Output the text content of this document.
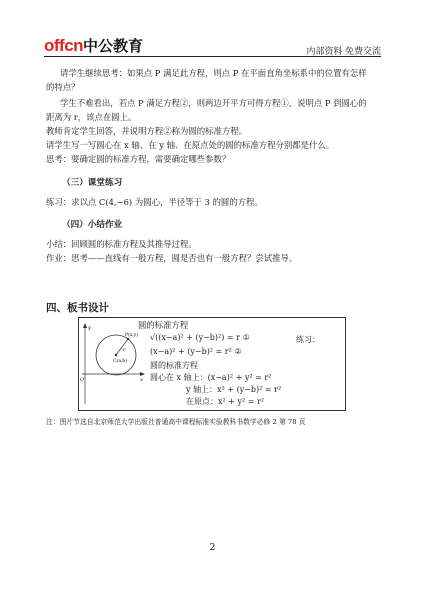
offcn中公教育	内部资料 免费交流

请学生继续思考：如果点 P 满足此方程，则点 P 在平面直角坐标系中的位置有怎样

的特点？

学生不难看出，若点 P 满足方程②，则两边开平方可得方程①，说明点 P 到圆心的

距离为 r，该点在圆上。

教师肯定学生回答，并说明方程②称为圆的标准方程。

请学生写一写圆心在 x 轴、在 y 轴、在原点处的圆的标准方程分别都是什么。

思考：要确定圆的标准方程，需要确定哪些参数？

（三）课堂练习

练习：求以点 C(4,−6) 为圆心，半径等于 3 的圆的方程。

（四）小结作业

小结：回顾圆的标准方程及其推导过程。

作业：思考——直线有一般方程，圆是否也有一般方程？尝试推导。

四、板书设计
圆的标准方程
P(x,y)
C(a,b)
r
y
x
O
√((x−a)² + (y−b)²) = r ①
(x−a)² + (y−b)² = r² ②
练习：
圆的标准方程
圆心在 x 轴上：(x−a)² + y² = r²
y 轴上：x² + (y−b)² = r²
在原点：x² + y² = r²
注：图片节选自北京师范大学出版社普通高中课程标准实验教科书数学必修 2 第 78 页
2
